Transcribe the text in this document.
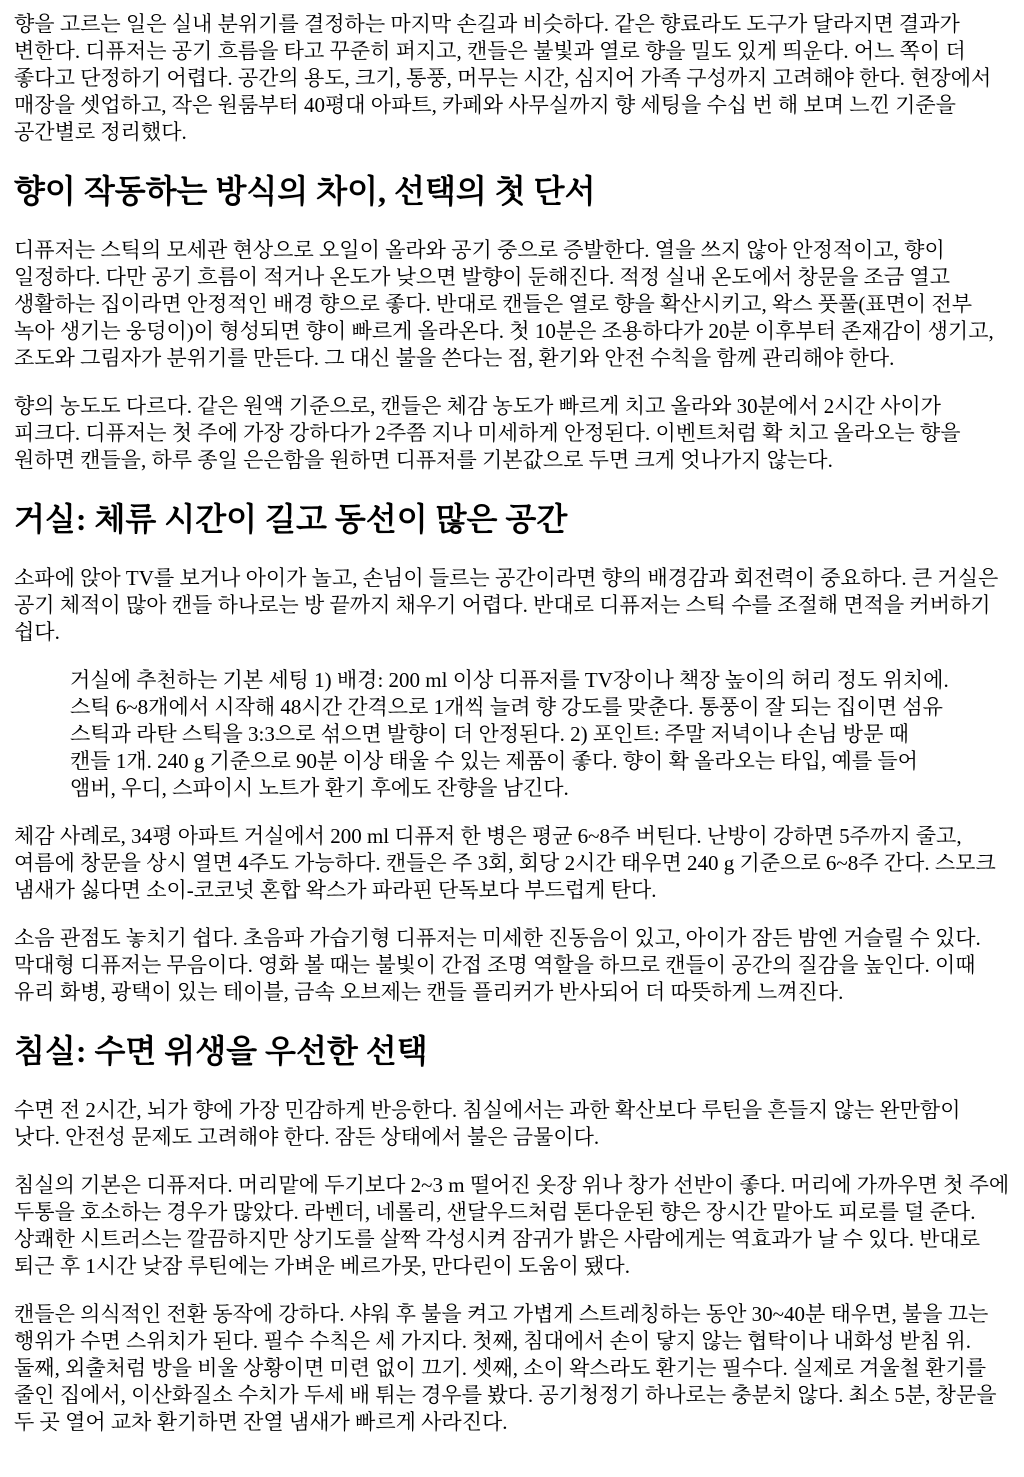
향을 고르는 일은 실내 분위기를 결정하는 마지막 손길과 비슷하다. 같은 향료라도 도구가 달라지면 결과가 변한다. 디퓨저는 공기 흐름을 타고 꾸준히 퍼지고, 캔들은 불빛과 열로 향을 밀도 있게 띄운다. 어느 쪽이 더 좋다고 단정하기 어렵다. 공간의 용도, 크기, 통풍, 머무는 시간, 심지어 가족 구성까지 고려해야 한다. 현장에서 매장을 셋업하고, 작은 원룸부터 40평대 아파트, 카페와 사무실까지 향 세팅을 수십 번 해 보며 느낀 기준을 공간별로 정리했다.

향이 작동하는 방식의 차이, 선택의 첫 단서

디퓨저는 스틱의 모세관 현상으로 오일이 올라와 공기 중으로 증발한다. 열을 쓰지 않아 안정적이고, 향이 일정하다. 다만 공기 흐름이 적거나 온도가 낮으면 발향이 둔해진다. 적정 실내 온도에서 창문을 조금 열고 생활하는 집이라면 안정적인 배경 향으로 좋다. 반대로 캔들은 열로 향을 확산시키고, 왁스 풋풀(표면이 전부 녹아 생기는 웅덩이)이 형성되면 향이 빠르게 올라온다. 첫 10분은 조용하다가 20분 이후부터 존재감이 생기고, 조도와 그림자가 분위기를 만든다. 그 대신 불을 쓴다는 점, 환기와 안전 수칙을 함께 관리해야 한다.

향의 농도도 다르다. 같은 원액 기준으로, 캔들은 체감 농도가 빠르게 치고 올라와 30분에서 2시간 사이가 피크다. 디퓨저는 첫 주에 가장 강하다가 2주쯤 지나 미세하게 안정된다. 이벤트처럼 확 치고 올라오는 향을 원하면 캔들을, 하루 종일 은은함을 원하면 디퓨저를 기본값으로 두면 크게 엇나가지 않는다.

거실: 체류 시간이 길고 동선이 많은 공간

소파에 앉아 TV를 보거나 아이가 놀고, 손님이 들르는 공간이라면 향의 배경감과 회전력이 중요하다. 큰 거실은 공기 체적이 많아 캔들 하나로는 방 끝까지 채우기 어렵다. 반대로 디퓨저는 스틱 수를 조절해 면적을 커버하기 쉽다.

거실에 추천하는 기본 세팅 1) 배경: 200 ml 이상 디퓨저를 TV장이나 책장 높이의 허리 정도 위치에. 스틱 6~8개에서 시작해 48시간 간격으로 1개씩 늘려 향 강도를 맞춘다. 통풍이 잘 되는 집이면 섬유 스틱과 라탄 스틱을 3:3으로 섞으면 발향이 더 안정된다. 2) 포인트: 주말 저녁이나 손님 방문 때 캔들 1개. 240 g 기준으로 90분 이상 태울 수 있는 제품이 좋다. 향이 확 올라오는 타입, 예를 들어 앰버, 우디, 스파이시 노트가 환기 후에도 잔향을 남긴다.

체감 사례로, 34평 아파트 거실에서 200 ml 디퓨저 한 병은 평균 6~8주 버틴다. 난방이 강하면 5주까지 줄고, 여름에 창문을 상시 열면 4주도 가능하다. 캔들은 주 3회, 회당 2시간 태우면 240 g 기준으로 6~8주 간다. 스모크 냄새가 싫다면 소이-코코넛 혼합 왁스가 파라핀 단독보다 부드럽게 탄다.

소음 관점도 놓치기 쉽다. 초음파 가습기형 디퓨저는 미세한 진동음이 있고, 아이가 잠든 밤엔 거슬릴 수 있다. 막대형 디퓨저는 무음이다. 영화 볼 때는 불빛이 간접 조명 역할을 하므로 캔들이 공간의 질감을 높인다. 이때 유리 화병, 광택이 있는 테이블, 금속 오브제는 캔들 플리커가 반사되어 더 따뜻하게 느껴진다.

침실: 수면 위생을 우선한 선택

수면 전 2시간, 뇌가 향에 가장 민감하게 반응한다. 침실에서는 과한 확산보다 루틴을 흔들지 않는 완만함이 낫다. 안전성 문제도 고려해야 한다. 잠든 상태에서 불은 금물이다.

침실의 기본은 디퓨저다. 머리맡에 두기보다 2~3 m 떨어진 옷장 위나 창가 선반이 좋다. 머리에 가까우면 첫 주에 두통을 호소하는 경우가 많았다. 라벤더, 네롤리, 샌달우드처럼 톤다운된 향은 장시간 맡아도 피로를 덜 준다. 상쾌한 시트러스는 깔끔하지만 상기도를 살짝 각성시켜 잠귀가 밝은 사람에게는 역효과가 날 수 있다. 반대로 퇴근 후 1시간 낮잠 루틴에는 가벼운 베르가못, 만다린이 도움이 됐다.

캔들은 의식적인 전환 동작에 강하다. 샤워 후 불을 켜고 가볍게 스트레칭하는 동안 30~40분 태우면, 불을 끄는 행위가 수면 스위치가 된다. 필수 수칙은 세 가지다. 첫째, 침대에서 손이 닿지 않는 협탁이나 내화성 받침 위. 둘째, 외출처럼 방을 비울 상황이면 미련 없이 끄기. 셋째, 소이 왁스라도 환기는 필수다. 실제로 겨울철 환기를 줄인 집에서, 이산화질소 수치가 두세 배 튀는 경우를 봤다. 공기청정기 하나로는 충분치 않다. 최소 5분, 창문을 두 곳 열어 교차 환기하면 잔열 냄새가 빠르게 사라진다.
